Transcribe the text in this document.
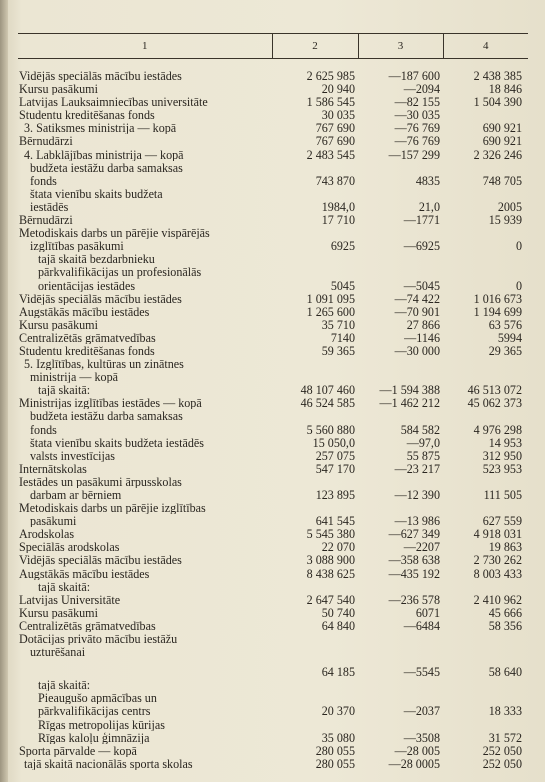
1	2	3	4

Vidējās speciālās mācību iestādes	2 625 985	—187 600	2 438 385
Kursu pasākumi	20 940	—2094	18 846
Latvijas Lauksaimniecības universitāte	1 586 545	—82 155	1 504 390
Studentu kreditēšanas fonds	30 035	—30 035	
3. Satiksmes ministrija — kopā	767 690	—76 769	690 921
Bērnudārzi	767 690	—76 769	690 921
4. Labklājības ministrija — kopā	2 483 545	—157 299	2 326 246
budžeta iestāžu darba samaksas			
fonds	743 870	4835	748 705
štata vienību skaits budžeta			
iestādēs	1984,0	21,0	2005
Bērnudārzi	17 710	—1771	15 939
Metodiskais darbs un pārējie vispārējās			
izglītības pasākumi	6925	—6925	0
tajā skaitā bezdarbnieku			
pārkvalifikācijas un profesionālās			
orientācijas iestādes	5045	—5045	0
Vidējās speciālās mācību iestādes	1 091 095	—74 422	1 016 673
Augstākās mācību iestādes	1 265 600	—70 901	1 194 699
Kursu pasākumi	35 710	27 866	63 576
Centralizētās grāmatvedības	7140	—1146	5994
Studentu kreditēšanas fonds	59 365	—30 000	29 365
5. Izglītības, kultūras un zinātnes			
ministrija — kopā			
tajā skaitā:	48 107 460	—1 594 388	46 513 072
Ministrijas izglītības iestādes — kopā	46 524 585	—1 462 212	45 062 373
budžeta iestāžu darba samaksas			
fonds	5 560 880	584 582	4 976 298
štata vienību skaits budžeta iestādēs	15 050,0	—97,0	14 953
valsts investīcijas	257 075	55 875	312 950
Internātskolas	547 170	—23 217	523 953
Iestādes un pasākumi ārpusskolas			
darbam ar bērniem	123 895	—12 390	111 505
Metodiskais darbs un pārējie izglītības			
pasākumi	641 545	—13 986	627 559
Arodskolas	5 545 380	—627 349	4 918 031
Speciālās arodskolas	22 070	—2207	19 863
Vidējās speciālās mācību iestādes	3 088 900	—358 638	2 730 262
Augstākās mācību iestādes	8 438 625	—435 192	8 003 433
tajā skaitā:			
Latvijas Universitāte	2 647 540	—236 578	2 410 962
Kursu pasākumi	50 740	6071	45 666
Centralizētās grāmatvedības	64 840	—6484	58 356
Dotācijas privāto mācību iestāžu			
uzturēšanai			
	64 185	—5545	58 640
tajā skaitā:			
Pieaugušo apmācības un			
pārkvalifikācijas centrs	20 370	—2037	18 333
Rīgas metropolijas kūrijas			
Rīgas kaloļu ģimnāzija	35 080	—3508	31 572
Sporta pārvalde — kopā	280 055	—28 005	252 050
tajā skaitā nacionālās sporta skolas	280 055	—28 0005	252 050
